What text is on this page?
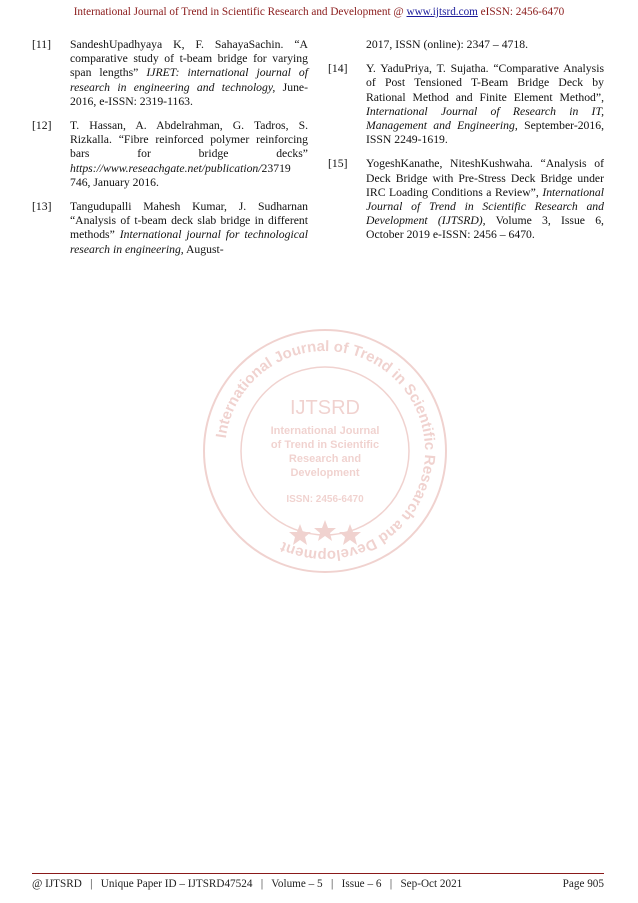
International Journal of Trend in Scientific Research and Development @ www.ijtsrd.com eISSN: 2456-6470
[11]	SandeshUpadhyaya K, F. SahayaSachin. “A comparative study of t-beam bridge for varying span lengths” IJRET: international journal of research in engineering and technology, June-2016, e-ISSN: 2319-1163.
[12]	T. Hassan, A. Abdelrahman, G. Tadros, S. Rizkalla. “Fibre reinforced polymer reinforcing bars for bridge decks” https://www.reseachgate.net/publication/23719 746, January 2016.
[13]	Tangudupalli Mahesh Kumar, J. Sudharnan “Analysis of t-beam deck slab bridge in different methods” International journal for technological research in engineering, August-
2017, ISSN (online): 2347 – 4718.
[14]	Y. YaduPriya, T. Sujatha. “Comparative Analysis of Post Tensioned T-Beam Bridge Deck by Rational Method and Finite Element Method”, International Journal of Research in IT, Management and Engineering, September-2016, ISSN 2249-1619.
[15]	YogeshKanathe, NiteshKushwaha. “Analysis of Deck Bridge with Pre-Stress Deck Bridge under IRC Loading Conditions a Review”, International Journal of Trend in Scientific Research and Development (IJTSRD), Volume 3, Issue 6, October 2019 e-ISSN: 2456 – 6470.
International Journal of Trend in Scientific Research and Development
IJTSRD
International Journal
of Trend in Scientific
Research and
Development
ISSN: 2456-6470
@ IJTSRD   |   Unique Paper ID – IJTSRD47524   |   Volume – 5   |   Issue – 6   |   Sep-Oct 2021	Page 905
